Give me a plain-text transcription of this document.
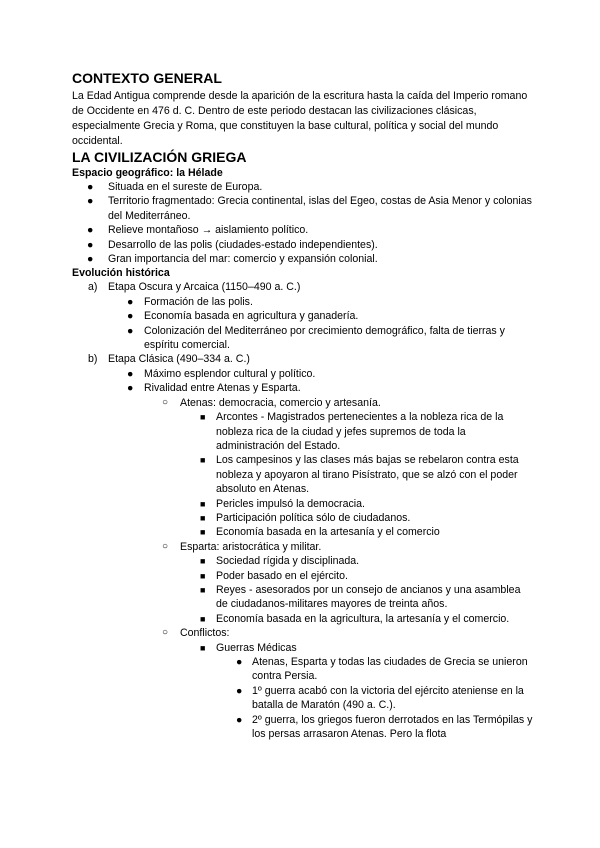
CONTEXTO GENERAL

La Edad Antigua comprende desde la aparición de la escritura hasta la caída del Imperio romano de Occidente en 476 d. C. Dentro de este periodo destacan las civilizaciones clásicas, especialmente Grecia y Roma, que constituyen la base cultural, política y social del mundo occidental.

LA CIVILIZACIÓN GRIEGA
Espacio geográfico: la Hélade
● Situada en el sureste de Europa.
● Territorio fragmentado: Grecia continental, islas del Egeo, costas de Asia Menor y colonias del Mediterráneo.
● Relieve montañoso → aislamiento político.
● Desarrollo de las polis (ciudades-estado independientes).
● Gran importancia del mar: comercio y expansión colonial.
Evolución histórica
a) Etapa Oscura y Arcaica (1150–490 a. C.)
● Formación de las polis.
● Economía basada en agricultura y ganadería.
● Colonización del Mediterráneo por crecimiento demográfico, falta de tierras y espíritu comercial.
b) Etapa Clásica (490–334 a. C.)
● Máximo esplendor cultural y político.
● Rivalidad entre Atenas y Esparta.
○ Atenas: democracia, comercio y artesanía.
■ Arcontes - Magistrados pertenecientes a la nobleza rica de la nobleza rica de la ciudad y jefes supremos de toda la administración del Estado.
■ Los campesinos y las clases más bajas se rebelaron contra esta nobleza y apoyaron al tirano Pisístrato, que se alzó con el poder absoluto en Atenas.
■ Pericles impulsó la democracia.
■ Participación política sólo de ciudadanos.
■ Economía basada en la artesanía y el comercio
○ Esparta: aristocrática y militar.
■ Sociedad rígida y disciplinada.
■ Poder basado en el ejército.
■ Reyes - asesorados por un consejo de ancianos y una asamblea de ciudadanos-militares mayores de treinta años.
■ Economía basada en la agricultura, la artesanía y el comercio.
○ Conflictos:
■ Guerras Médicas
● Atenas, Esparta y todas las ciudades de Grecia se unieron contra Persia.
● 1º guerra acabó con la victoria del ejército ateniense en la batalla de Maratón (490 a. C.).
● 2º guerra, los griegos fueron derrotados en las Termópilas y los persas arrasaron Atenas. Pero la flota
